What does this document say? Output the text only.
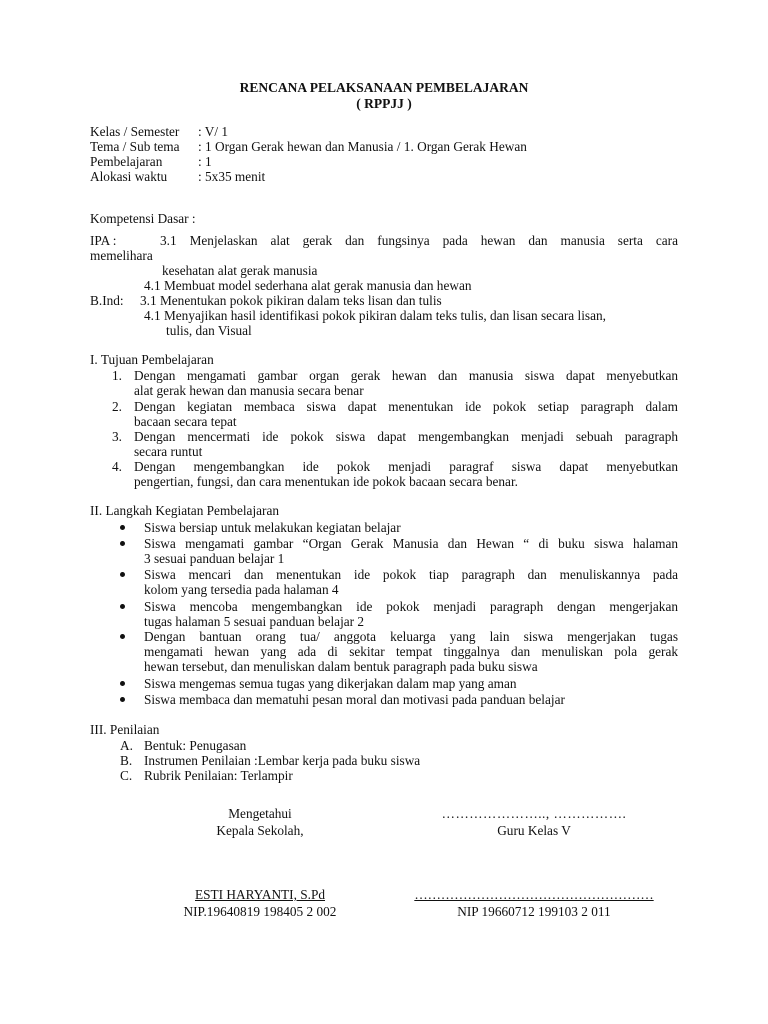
RENCANA PELAKSANAAN PEMBELAJARAN
( RPPJJ )
Kelas / Semester : V/ 1
Tema / Sub tema : 1 Organ Gerak hewan dan Manusia / 1. Organ Gerak Hewan
Pembelajaran	: 1
Alokasi waktu : 5x35 menit
Kompetensi Dasar :
IPA :	3.1 Menjelaskan alat gerak dan fungsinya pada hewan dan manusia serta cara
memelihara
kesehatan alat gerak manusia
4.1 Membuat model sederhana alat gerak manusia dan hewan
B.Ind: 3.1 Menentukan pokok pikiran dalam teks lisan dan tulis
4.1 Menyajikan hasil identifikasi pokok pikiran dalam teks tulis, dan lisan secara lisan,
tulis, dan Visual
I. Tujuan Pembelajaran
1. Dengan mengamati gambar organ gerak hewan dan manusia siswa dapat menyebutkan
alat gerak hewan dan manusia secara benar
2. Dengan kegiatan membaca siswa dapat menentukan ide pokok setiap paragraph dalam
bacaan secara tepat
3. Dengan mencermati ide pokok siswa dapat mengembangkan menjadi sebuah paragraph
secara runtut
4. Dengan mengembangkan ide pokok menjadi paragraf siswa dapat menyebutkan
pengertian, fungsi, dan cara menentukan ide pokok bacaan secara benar.
II. Langkah Kegiatan Pembelajaran
Siswa bersiap untuk melakukan kegiatan belajar
Siswa mengamati gambar “Organ Gerak Manusia dan Hewan “ di buku siswa halaman
3 sesuai panduan belajar 1
Siswa mencari dan menentukan ide pokok tiap paragraph dan menuliskannya pada
kolom yang tersedia pada halaman 4
Siswa mencoba mengembangkan ide pokok menjadi paragraph dengan mengerjakan
tugas halaman 5 sesuai panduan belajar 2
Dengan bantuan orang tua/ anggota keluarga yang lain siswa mengerjakan tugas
mengamati hewan yang ada di sekitar tempat tinggalnya dan menuliskan pola gerak
hewan tersebut, dan menuliskan dalam bentuk paragraph pada buku siswa
Siswa mengemas semua tugas yang dikerjakan dalam map yang aman
Siswa membaca dan mematuhi pesan moral dan motivasi pada panduan belajar
III. Penilaian
A. Bentuk: Penugasan
B. Instrumen Penilaian :Lembar kerja pada buku siswa
C. Rubrik Penilaian: Terlampir
Mengetahui
Kepala Sekolah,
ESTI HARYANTI, S.Pd
NIP.19640819 198405 2 002
………………….., …………….
Guru Kelas V
………………………………………………
NIP 19660712 199103 2 011
